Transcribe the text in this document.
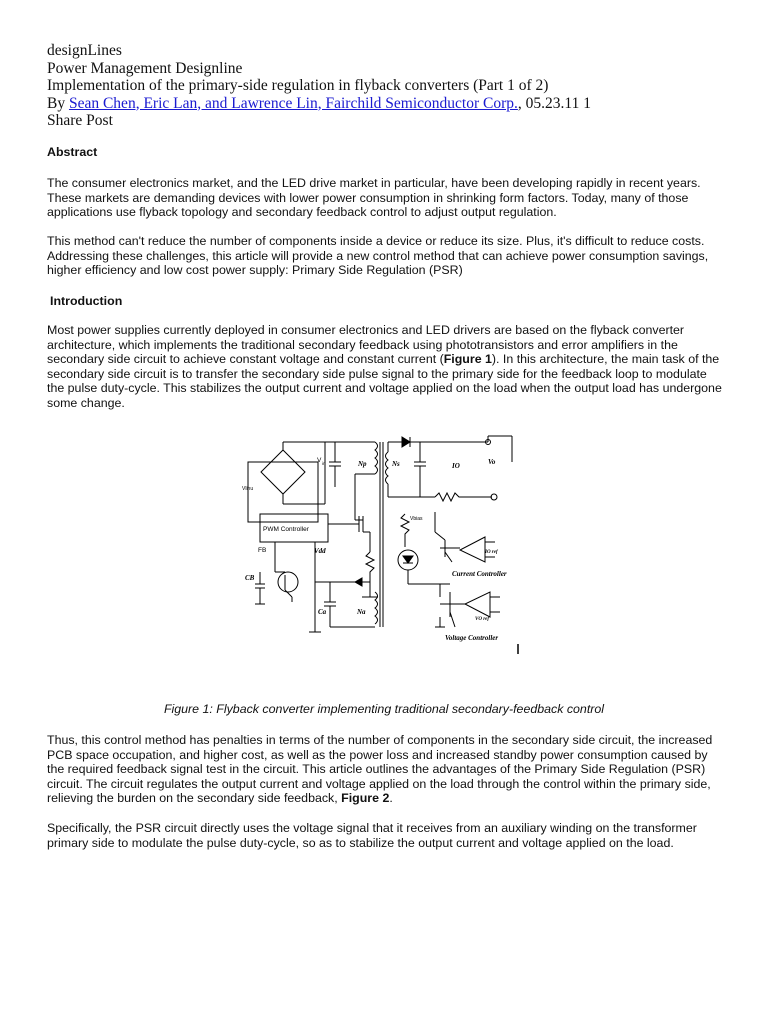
designLines
Power Management Designline
Implementation of the primary-side regulation in flyback converters (Part 1 of 2)
By Sean Chen, Eric Lan, and Lawrence Lin, Fairchild Semiconductor Corp., 05.23.11 1
Share Post

Abstract

The consumer electronics market, and the LED drive market in particular, have been developing rapidly in recent years. These markets are demanding devices with lower power consumption in shrinking form factors. Today, many of those applications use flyback topology and secondary feedback control to adjust output regulation.

This method can't reduce the number of components inside a device or reduce its size. Plus, it's difficult to reduce costs. Addressing these challenges, this article will provide a new control method that can achieve power consumption savings, higher efficiency and low cost power supply: Primary Side Regulation (PSR)

Introduction

Most power supplies currently deployed in consumer electronics and LED drivers are based on the flyback converter architecture, which implements the traditional secondary feedback using phototransistors and error amplifiers in the secondary side circuit to achieve constant voltage and constant current (Figure 1). In this architecture, the main task of the secondary side circuit is to transfer the secondary side pulse signal to the primary side for the feedback loop to modulate the pulse duty-cycle. This stabilizes the output current and voltage applied on the load when the output load has undergone some change.

PWM Controller
FB	Vdd
V in
Vlinu
Np	Ns
Na
Ca
CB
IO	Vo
Vbias
IO ref
VO ref
Current Controller
Voltage Controller
Figure 1: Flyback converter implementing traditional secondary-feedback control

Thus, this control method has penalties in terms of the number of components in the secondary side circuit, the increased PCB space occupation, and higher cost, as well as the power loss and increased standby power consumption caused by the required feedback signal test in the circuit. This article outlines the advantages of the Primary Side Regulation (PSR) circuit. The circuit regulates the output current and voltage applied on the load through the control within the primary side, relieving the burden on the secondary side feedback, Figure 2.

Specifically, the PSR circuit directly uses the voltage signal that it receives from an auxiliary winding on the transformer primary side to modulate the pulse duty-cycle, so as to stabilize the output current and voltage applied on the load.
